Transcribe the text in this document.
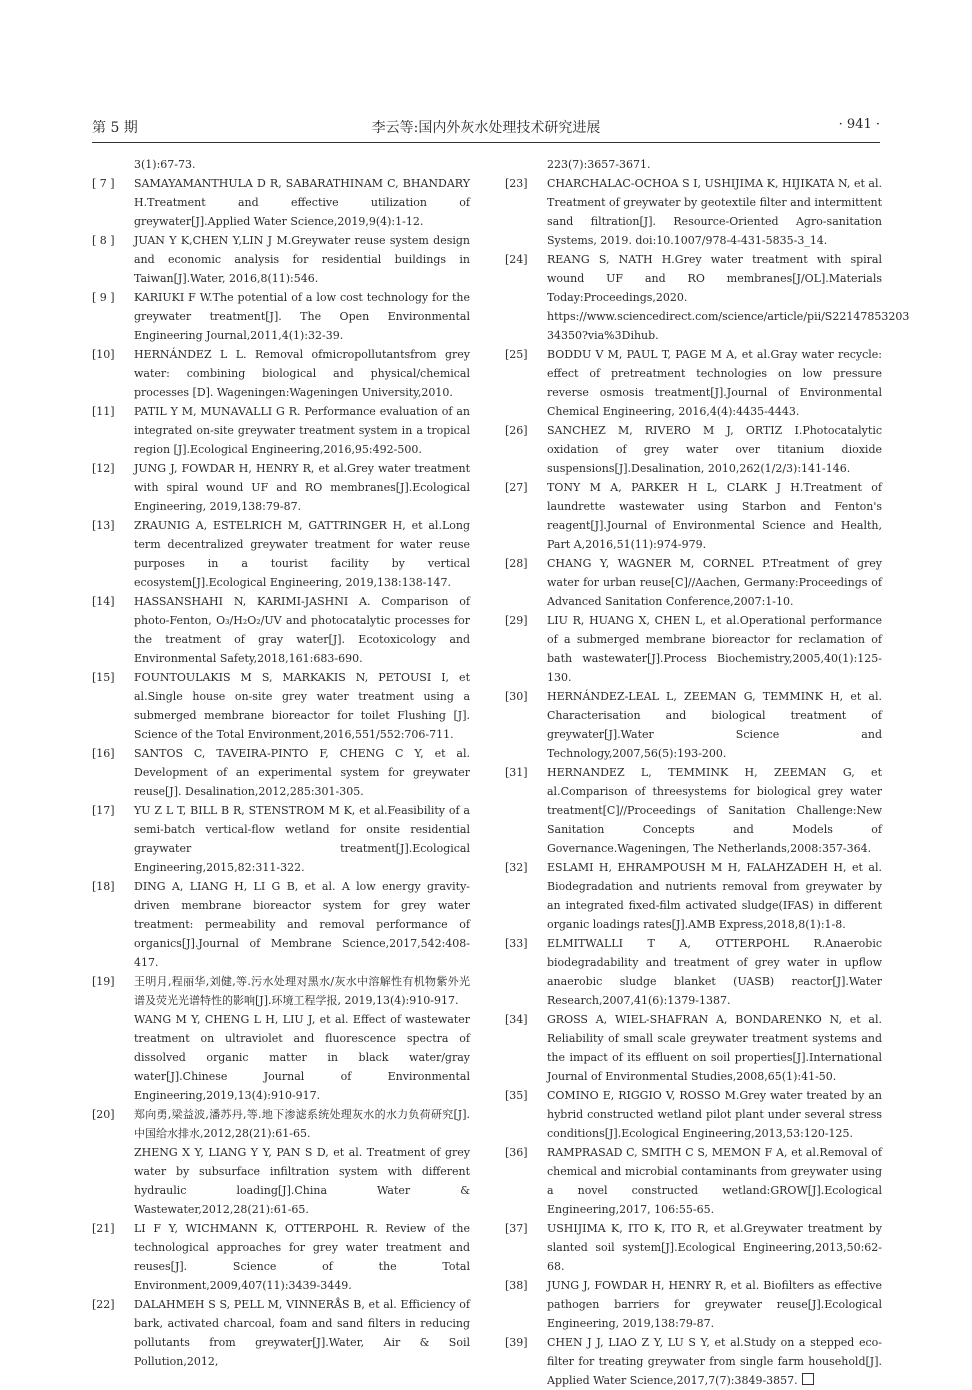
第 5 期	李云等:国内外灰水处理技术研究进展	· 941 ·
3(1):67-73.
[ 7 ]	SAMAYAMANTHULA D R, SABARATHINAM C, BHANDARY H.Treatment and effective utilization of greywater[J].Applied Water Science,2019,9(4):1-12.
[ 8 ]	JUAN Y K,CHEN Y,LIN J M.Greywater reuse system design and economic analysis for residential buildings in Taiwan[J].Water, 2016,8(11):546.
[ 9 ]	KARIUKI F W.The potential of a low cost technology for the greywater treatment[J]. The Open Environmental Engineering Journal,2011,4(1):32-39.
[10]	HERNÁNDEZ L L. Removal ofmicropollutantsfrom grey water: combining biological and physical/chemical processes [D]. Wageningen:Wageningen University,2010.
[11]	PATIL Y M, MUNAVALLI G R. Performance evaluation of an integrated on-site greywater treatment system in a tropical region [J].Ecological Engineering,2016,95:492-500.
[12]	JUNG J, FOWDAR H, HENRY R, et al.Grey water treatment with spiral wound UF and RO membranes[J].Ecological Engineering, 2019,138:79-87.
[13]	ZRAUNIG A, ESTELRICH M, GATTRINGER H, et al.Long term decentralized greywater treatment for water reuse purposes in a tourist facility by vertical ecosystem[J].Ecological Engineering, 2019,138:138-147.
[14]	HASSANSHAHI N, KARIMI-JASHNI A. Comparison of photo-Fenton, O₃/H₂O₂/UV and photocatalytic processes for the treatment of gray water[J]. Ecotoxicology and Environmental Safety,2018,161:683-690.
[15]	FOUNTOULAKIS M S, MARKAKIS N, PETOUSI I, et al.Single house on-site grey water treatment using a submerged membrane bioreactor for toilet Flushing [J]. Science of the Total Environment,2016,551/552:706-711.
[16]	SANTOS C, TAVEIRA-PINTO F, CHENG C Y, et al. Development of an experimental system for greywater reuse[J]. Desalination,2012,285:301-305.
[17]	YU Z L T, BILL B R, STENSTROM M K, et al.Feasibility of a semi-batch vertical-flow wetland for onsite residential graywater treatment[J].Ecological Engineering,2015,82:311-322.
[18]	DING A, LIANG H, LI G B, et al. A low energy gravity-driven membrane bioreactor system for grey water treatment: permeability and removal performance of organics[J].Journal of Membrane Science,2017,542:408-417.
[19]	王明月,程丽华,刘健,等.污水处理对黑水/灰水中溶解性有机物紫外光谱及荧光光谱特性的影响[J].环境工程学报, 2019,13(4):910-917.
WANG M Y, CHENG L H, LIU J, et al. Effect of wastewater treatment on ultraviolet and fluorescence spectra of dissolved organic matter in black water/gray water[J].Chinese Journal of Environmental Engineering,2019,13(4):910-917.
[20]	郑向勇,梁益波,潘苏丹,等.地下渗滤系统处理灰水的水力负荷研究[J].中国给水排水,2012,28(21):61-65.
ZHENG X Y, LIANG Y Y, PAN S D, et al. Treatment of grey water by subsurface infiltration system with different hydraulic loading[J].China Water & Wastewater,2012,28(21):61-65.
[21]	LI F Y, WICHMANN K, OTTERPOHL R. Review of the technological approaches for grey water treatment and reuses[J]. Science of the Total Environment,2009,407(11):3439-3449.
[22]	DALAHMEH S S, PELL M, VINNERÅS B, et al. Efficiency of bark, activated charcoal, foam and sand filters in reducing pollutants from greywater[J].Water, Air & Soil Pollution,2012,
223(7):3657-3671.
[23]	CHARCHALAC-OCHOA S I, USHIJIMA K, HIJIKATA N, et al. Treatment of greywater by geotextile filter and intermittent sand filtration[J]. Resource-Oriented Agro-sanitation Systems, 2019. doi:10.1007/978-4-431-5835-3_14.
[24]	REANG S, NATH H.Grey water treatment with spiral wound UF and RO membranes[J/OL].Materials Today:Proceedings,2020. https://www.sciencedirect.com/science/article/pii/S22147853203 34350?via%3Dihub.
[25]	BODDU V M, PAUL T, PAGE M A, et al.Gray water recycle: effect of pretreatment technologies on low pressure reverse osmosis treatment[J].Journal of Environmental Chemical Engineering, 2016,4(4):4435-4443.
[26]	SANCHEZ M, RIVERO M J, ORTIZ I.Photocatalytic oxidation of grey water over titanium dioxide suspensions[J].Desalination, 2010,262(1/2/3):141-146.
[27]	TONY M A, PARKER H L, CLARK J H.Treatment of laundrette wastewater using Starbon and Fenton's reagent[J].Journal of Environmental Science and Health, Part A,2016,51(11):974-979.
[28]	CHANG Y, WAGNER M, CORNEL P.Treatment of grey water for urban reuse[C]//Aachen, Germany:Proceedings of Advanced Sanitation Conference,2007:1-10.
[29]	LIU R, HUANG X, CHEN L, et al.Operational performance of a submerged membrane bioreactor for reclamation of bath wastewater[J].Process Biochemistry,2005,40(1):125-130.
[30]	HERNÁNDEZ-LEAL L, ZEEMAN G, TEMMINK H, et al. Characterisation and biological treatment of greywater[J].Water Science and Technology,2007,56(5):193-200.
[31]	HERNANDEZ L, TEMMINK H, ZEEMAN G, et al.Comparison of threesystems for biological grey water treatment[C]//Proceedings of Sanitation Challenge:New Sanitation Concepts and Models of Governance.Wageningen, The Netherlands,2008:357-364.
[32]	ESLAMI H, EHRAMPOUSH M H, FALAHZADEH H, et al. Biodegradation and nutrients removal from greywater by an integrated fixed-film activated sludge(IFAS) in different organic loadings rates[J].AMB Express,2018,8(1):1-8.
[33]	ELMITWALLI T A, OTTERPOHL R.Anaerobic biodegradability and treatment of grey water in upflow anaerobic sludge blanket (UASB) reactor[J].Water Research,2007,41(6):1379-1387.
[34]	GROSS A, WIEL-SHAFRAN A, BONDARENKO N, et al. Reliability of small scale greywater treatment systems and the impact of its effluent on soil properties[J].International Journal of Environmental Studies,2008,65(1):41-50.
[35]	COMINO E, RIGGIO V, ROSSO M.Grey water treated by an hybrid constructed wetland pilot plant under several stress conditions[J].Ecological Engineering,2013,53:120-125.
[36]	RAMPRASAD C, SMITH C S, MEMON F A, et al.Removal of chemical and microbial contaminants from greywater using a novel constructed wetland:GROW[J].Ecological Engineering,2017, 106:55-65.
[37]	USHIJIMA K, ITO K, ITO R, et al.Greywater treatment by slanted soil system[J].Ecological Engineering,2013,50:62-68.
[38]	JUNG J, FOWDAR H, HENRY R, et al. Biofilters as effective pathogen barriers for greywater reuse[J].Ecological Engineering, 2019,138:79-87.
[39]	CHEN J J, LIAO Z Y, LU S Y, et al.Study on a stepped eco-filter for treating greywater from single farm household[J]. Applied Water Science,2017,7(7):3849-3857.
